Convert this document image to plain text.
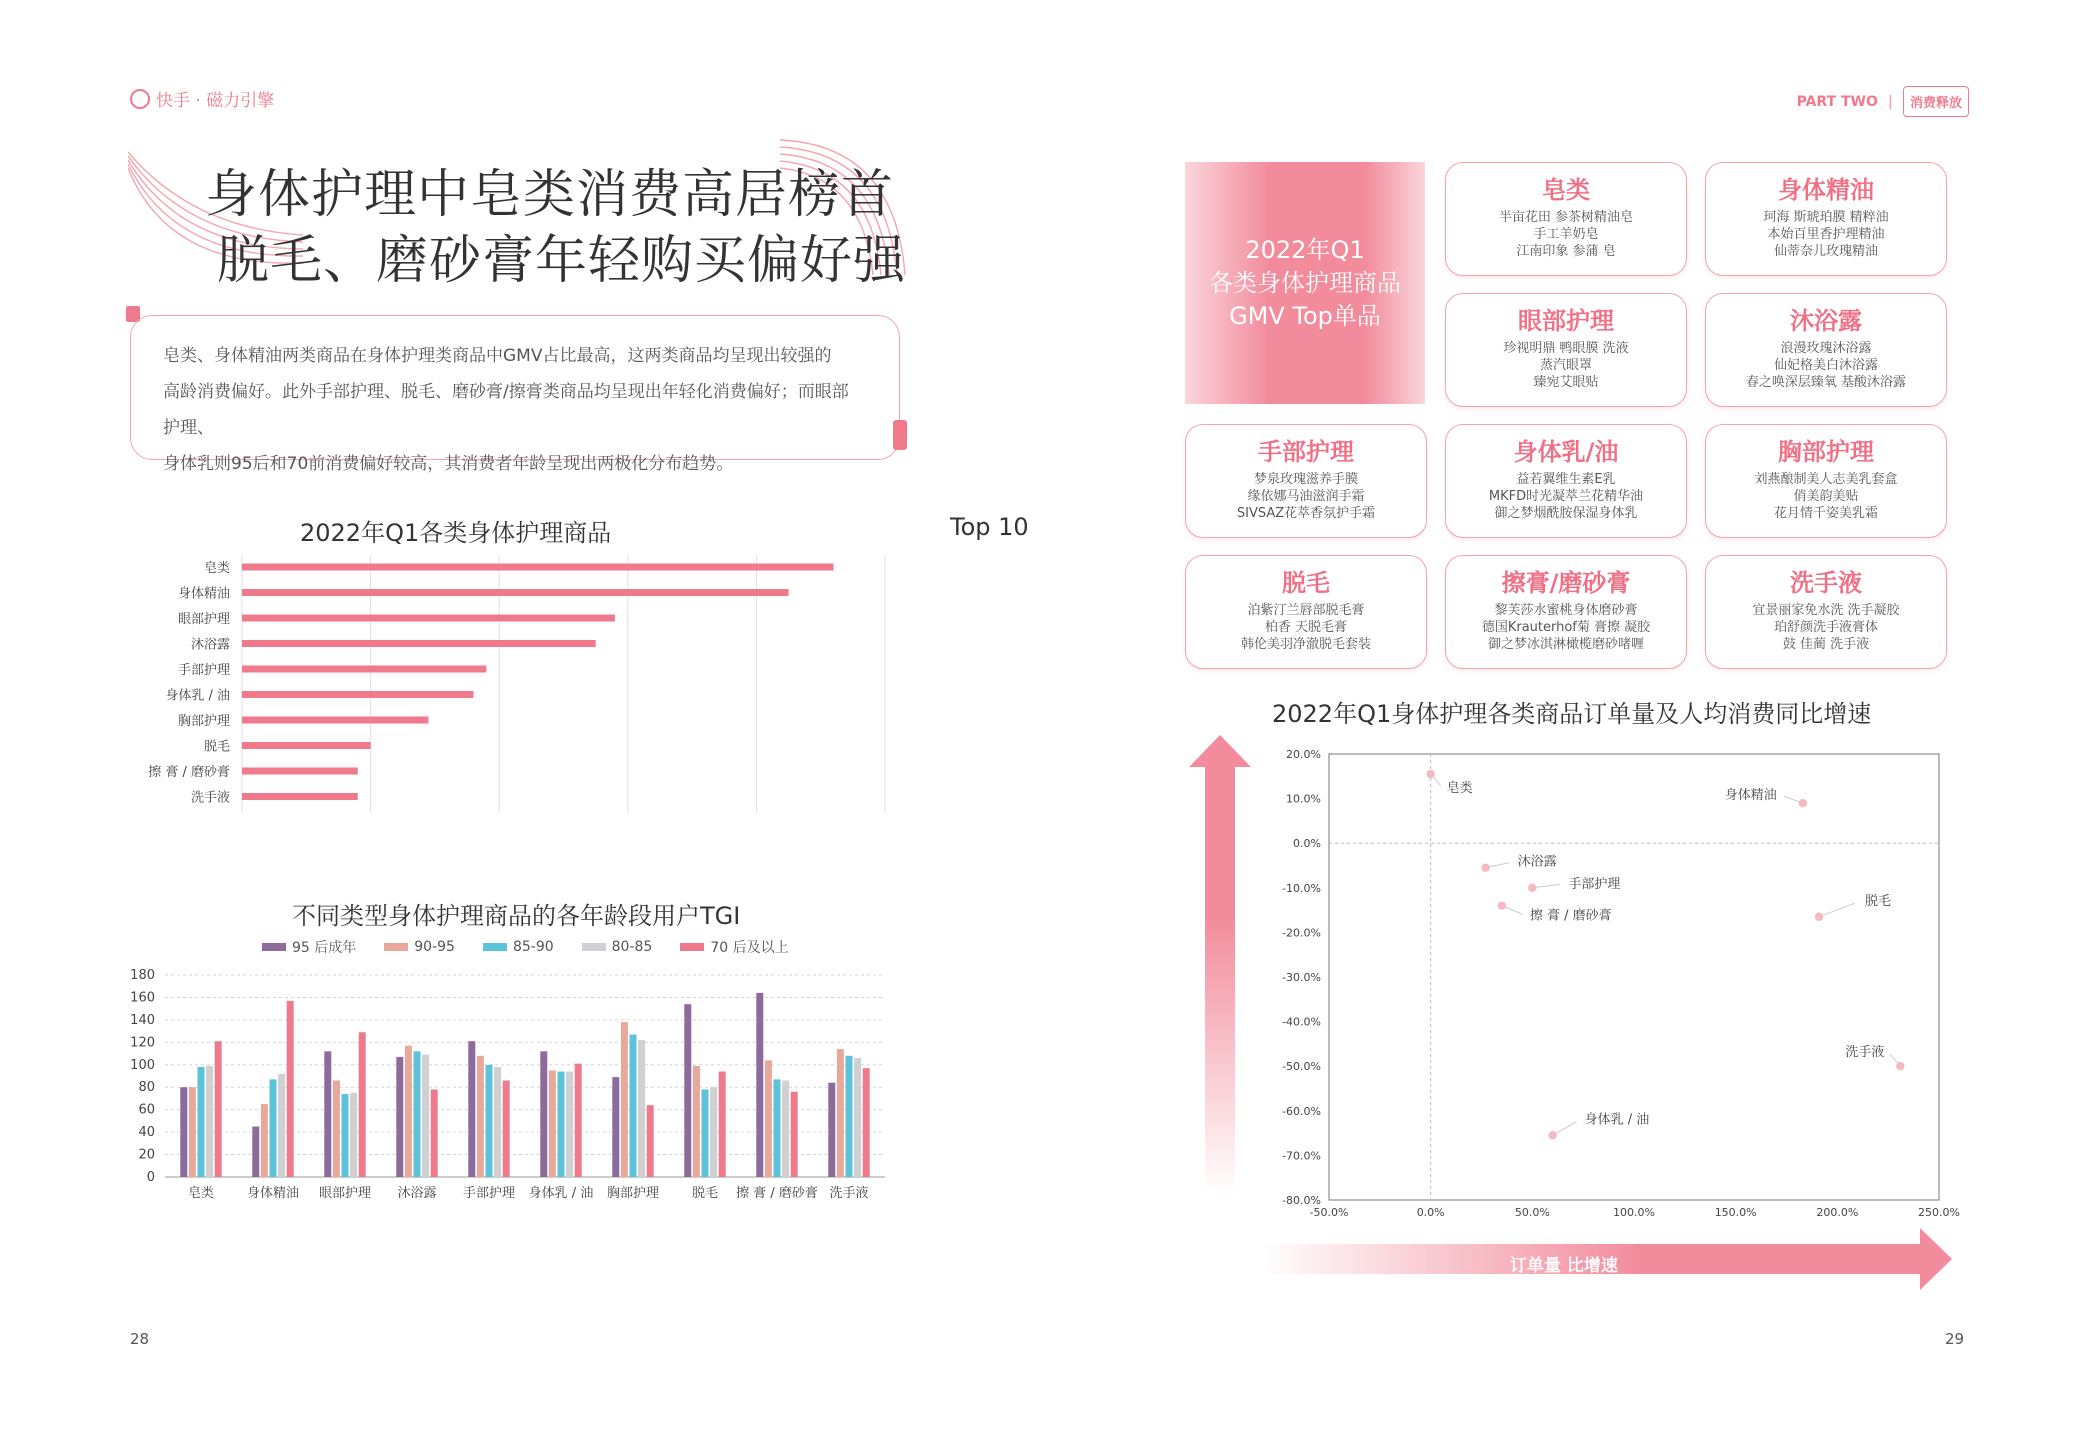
快手 · 磁力引擎
身体护理中皂类消费高居榜首
脱毛、磨砂膏年轻购买偏好强
皂类、身体精油两类商品在身体护理类商品中GMV占比最高，这两类商品均呈现出较强的
高龄消费偏好。此外手部护理、脱毛、磨砂膏/擦膏类商品均呈现出年轻化消费偏好；而眼部护理、
身体乳则95后和70前消费偏好较高，其消费者年龄呈现出两极化分布趋势。
2022年Q1各类身体护理商品	Top 10
皂类
身体精油
眼部护理
沐浴露
手部护理
身体乳 / 油
胸部护理
脱毛
擦 膏 / 磨砂膏
洗手液
不同类型身体护理商品的各年龄段用户TGI
95 后成年	90-95	85-90	80-85	70 后及以上
0
20
40
60
80
100
120
140
160
180
皂类	身体精油 眼部护理 沐浴露 手部护理 身体乳 / 油 胸部护理	脱毛 擦 膏 / 磨砂膏 洗手液
28
PART TWO |	消费释放
2022年Q1
各类身体护理商品
GMV Top单品
皂类
半亩花田 参茶树精油皂
手工羊奶皂
江南印象 参蒲 皂
身体精油
珂海 斯琥珀膜 精粹油
本始百里香护理精油
仙蒂奈儿玫瑰精油
眼部护理
珍视明鼎 鸭眼膜 洗液
蒸汽眼罩
臻宛艾眼贴
沐浴露
浪漫玫瑰沐浴露
仙妃格美白沐浴露
春之唤深层臻氧 基酸沐浴露
手部护理
梦泉玫瑰滋养手膜
缘依娜马油滋润手霜
SIVSAZ花萃香氛护手霜
身体乳/油
益若翼维生素E乳
MKFD时光凝萃兰花精华油
御之梦烟酰胺保湿身体乳
胸部护理
刘燕酿制美人志美乳套盒
俏美韵美贴
花月情千姿美乳霜
脱毛
泊紫汀兰唇部脱毛膏
柏香 天脱毛膏
韩伦美羽净澈脱毛套装
擦膏/磨砂膏
黎芙莎水蜜桃身体磨砂膏
德国Krauterhof菊 膏擦 凝胶
御之梦冰淇淋橄榄磨砂啫喱
洗手液
宜景丽家免水洗 洗手凝胶
珀舒颜洗手液膏体
鼓 佳蔺 洗手液
2022年Q1身体护理各类商品订单量及人均消费同比增速
订单量 比增速
20.0%
10.0%
0.0%
-10.0%
-20.0%
-30.0%
-40.0%
-50.0%
-60.0%
-70.0%
-80.0%
-50.0%	0.0%	50.0%	100.0%	150.0%	200.0%	250.0%
皂类	身体精油
沐浴露
手部护理
擦 膏 / 磨砂膏
脱毛
洗手液
身体乳 / 油
29
